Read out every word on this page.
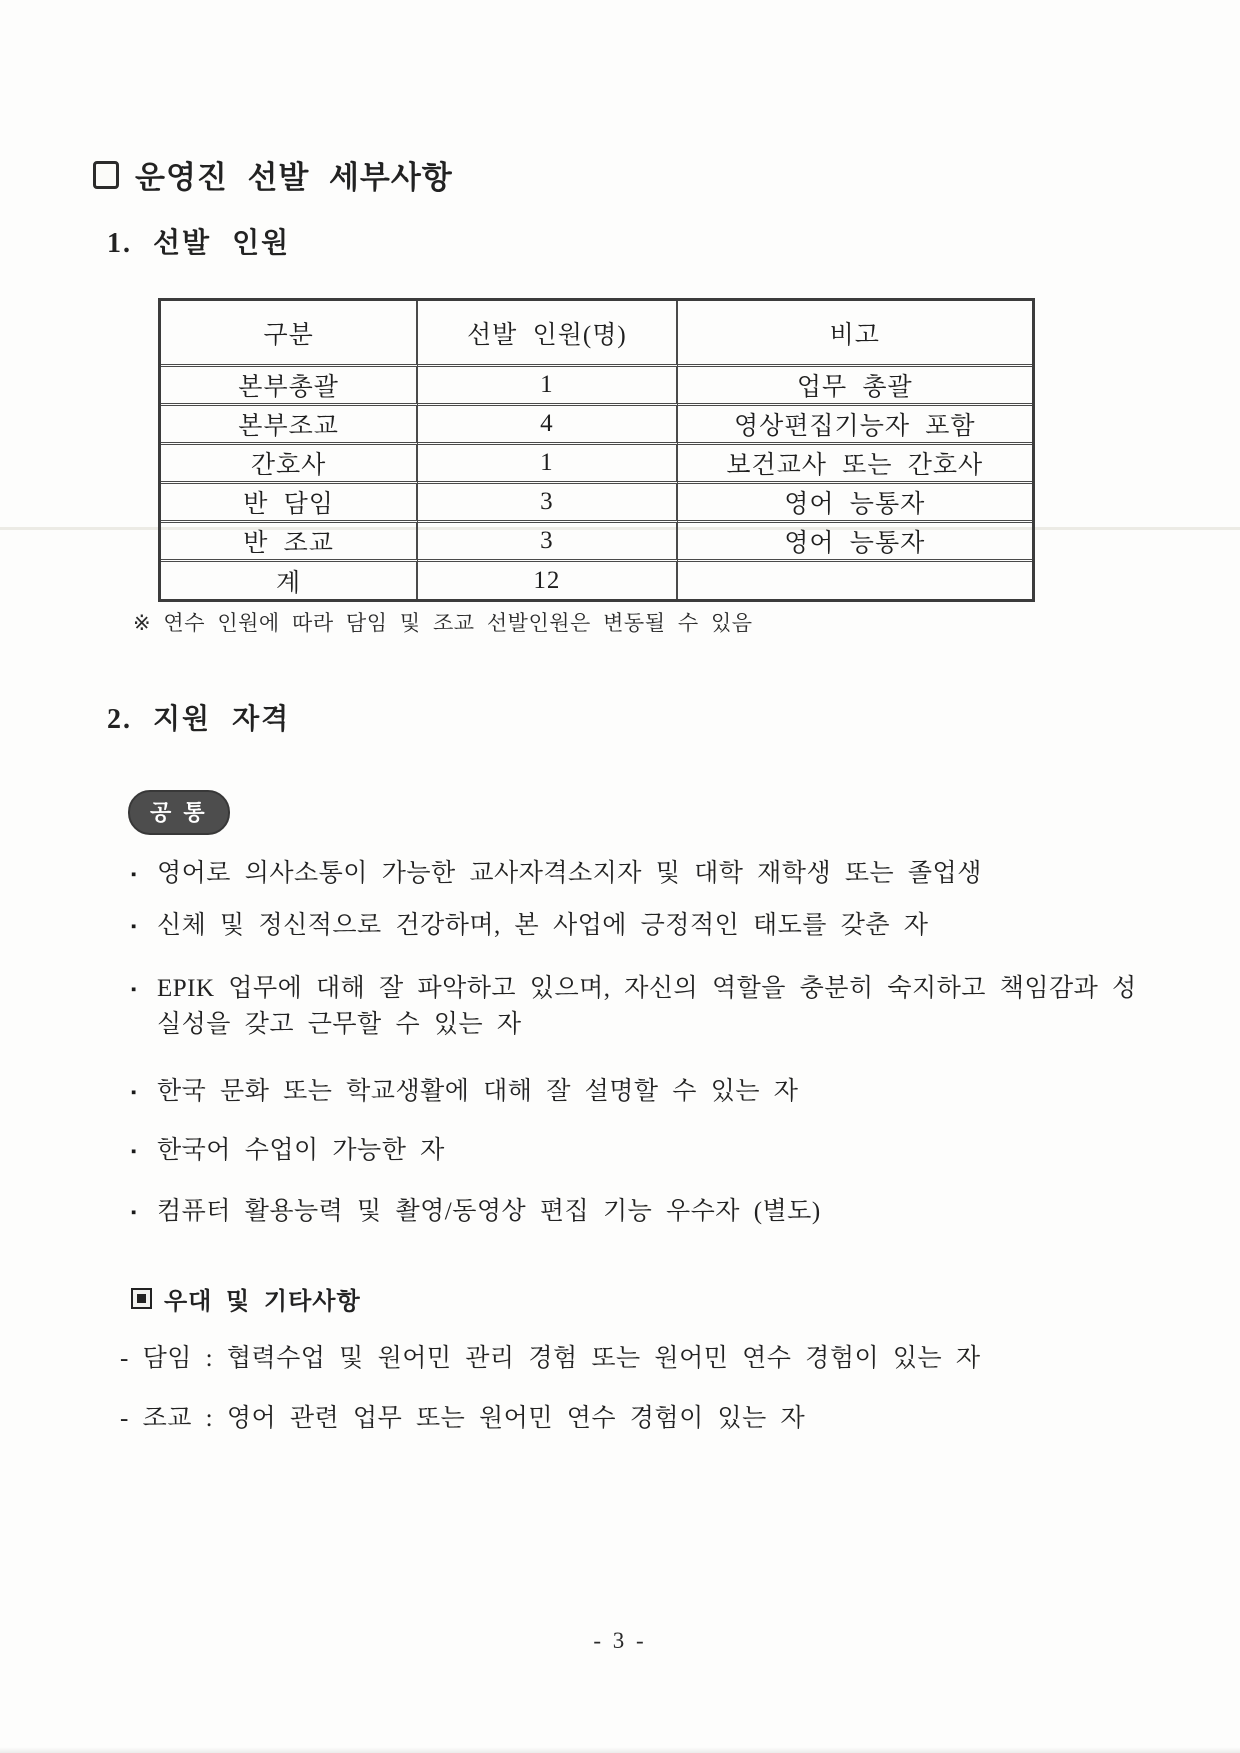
운영진 선발 세부사항
1. 선발 인원
구분	선발 인원(명)	비고
본부총괄	1	업무 총괄
본부조교	4	영상편집기능자 포함
간호사	1	보건교사 또는 간호사
반 담임	3	영어 능통자
반 조교	3	영어 능통자
계	12	
※ 연수 인원에 따라 담임 및 조교 선발인원은 변동될 수 있음
2. 지원 자격
공 통
▪ 영어로 의사소통이 가능한 교사자격소지자 및 대학 재학생 또는 졸업생
▪ 신체 및 정신적으로 건강하며, 본 사업에 긍정적인 태도를 갖춘 자
▪ EPIK 업무에 대해 잘 파악하고 있으며, 자신의 역할을 충분히 숙지하고 책임감과 성실성을 갖고 근무할 수 있는 자
▪ 한국 문화 또는 학교생활에 대해 잘 설명할 수 있는 자
▪ 한국어 수업이 가능한 자
▪ 컴퓨터 활용능력 및 촬영/동영상 편집 기능 우수자 (별도)
우대 및 기타사항
- 담임 : 협력수업 및 원어민 관리 경험 또는 원어민 연수 경험이 있는 자
- 조교 : 영어 관련 업무 또는 원어민 연수 경험이 있는 자
- 3 -
